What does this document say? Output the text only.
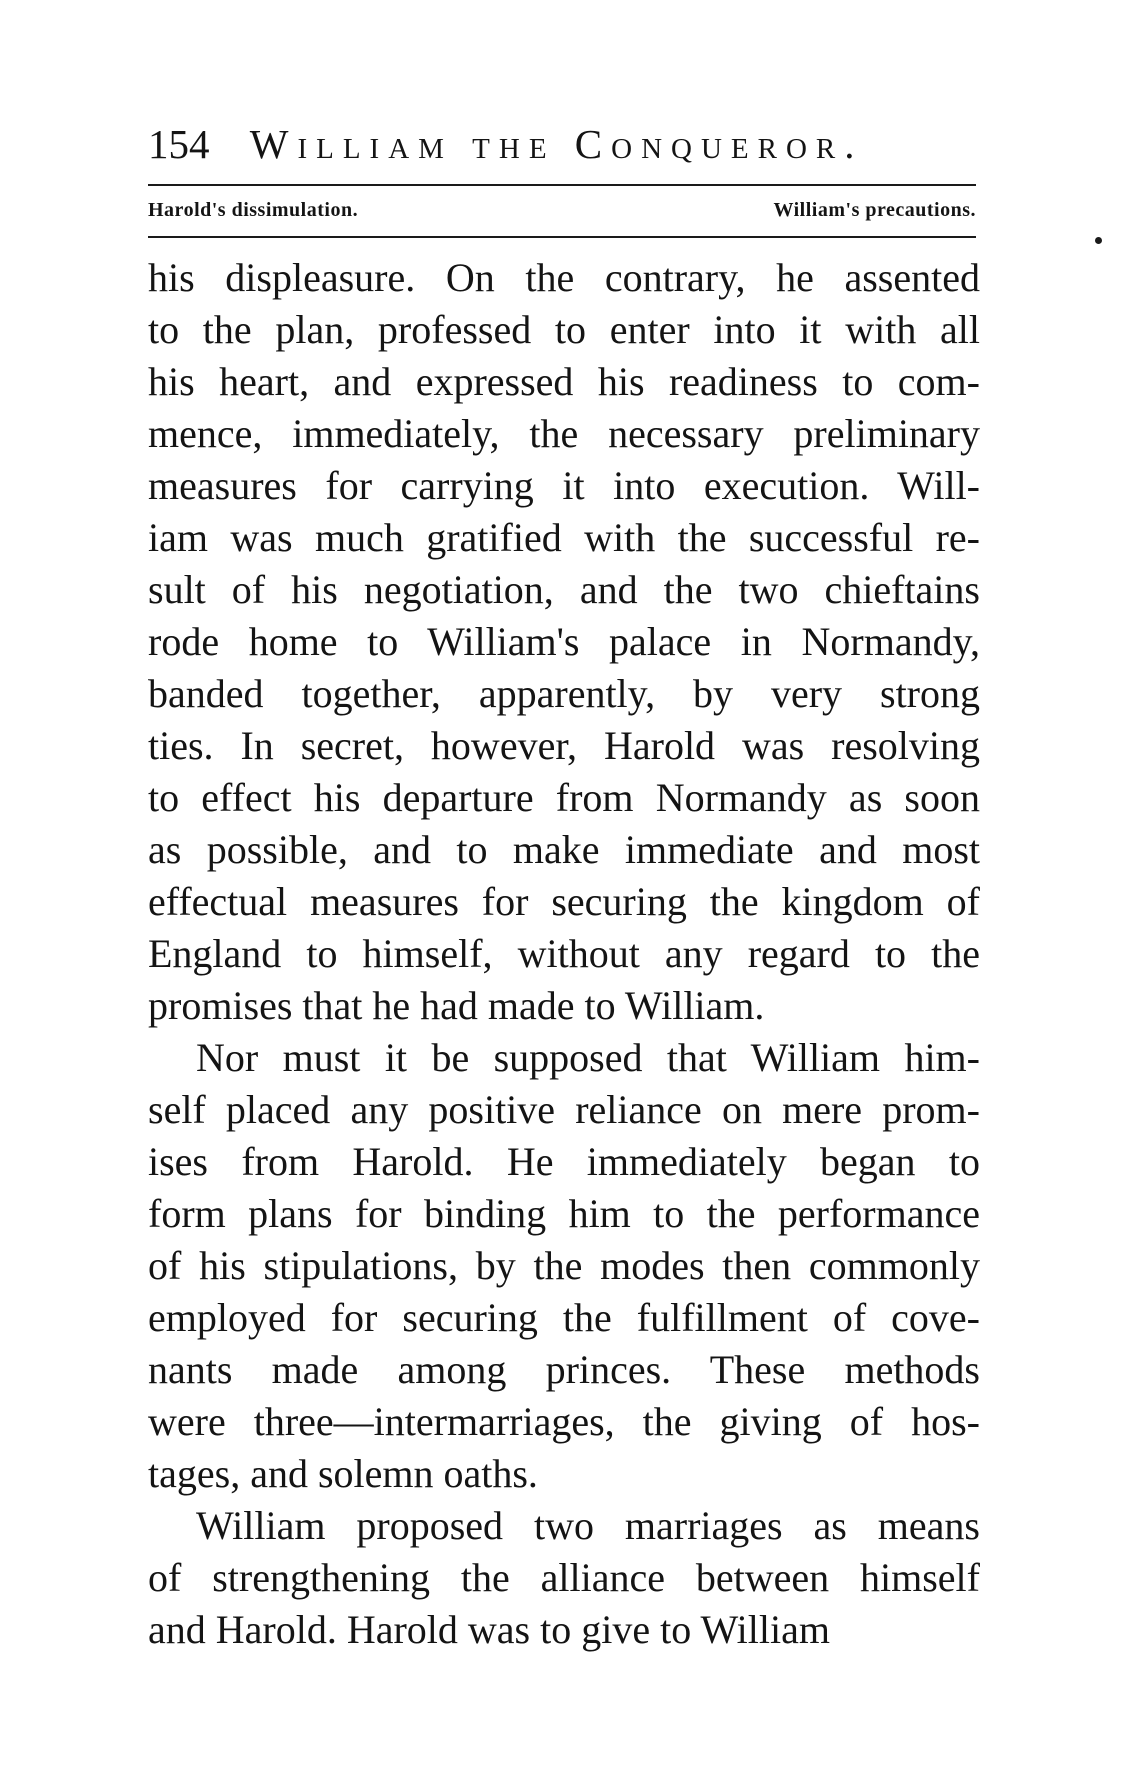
154 William the Conqueror.
Harold's dissimulation.	William's precautions.
his displeasure. On the contrary, he assented
to the plan, professed to enter into it with all
his heart, and expressed his readiness to com-
mence, immediately, the necessary preliminary
measures for carrying it into execution. Will-
iam was much gratified with the successful re-
sult of his negotiation, and the two chieftains
rode home to William's palace in Normandy,
banded together, apparently, by very strong
ties. In secret, however, Harold was resolving
to effect his departure from Normandy as soon
as possible, and to make immediate and most
effectual measures for securing the kingdom of
England to himself, without any regard to the
promises that he had made to William.
Nor must it be supposed that William him-
self placed any positive reliance on mere prom-
ises from Harold. He immediately began to
form plans for binding him to the performance
of his stipulations, by the modes then commonly
employed for securing the fulfillment of cove-
nants made among princes. These methods
were three—intermarriages, the giving of hos-
tages, and solemn oaths.
William proposed two marriages as means
of strengthening the alliance between himself
and Harold. Harold was to give to William
